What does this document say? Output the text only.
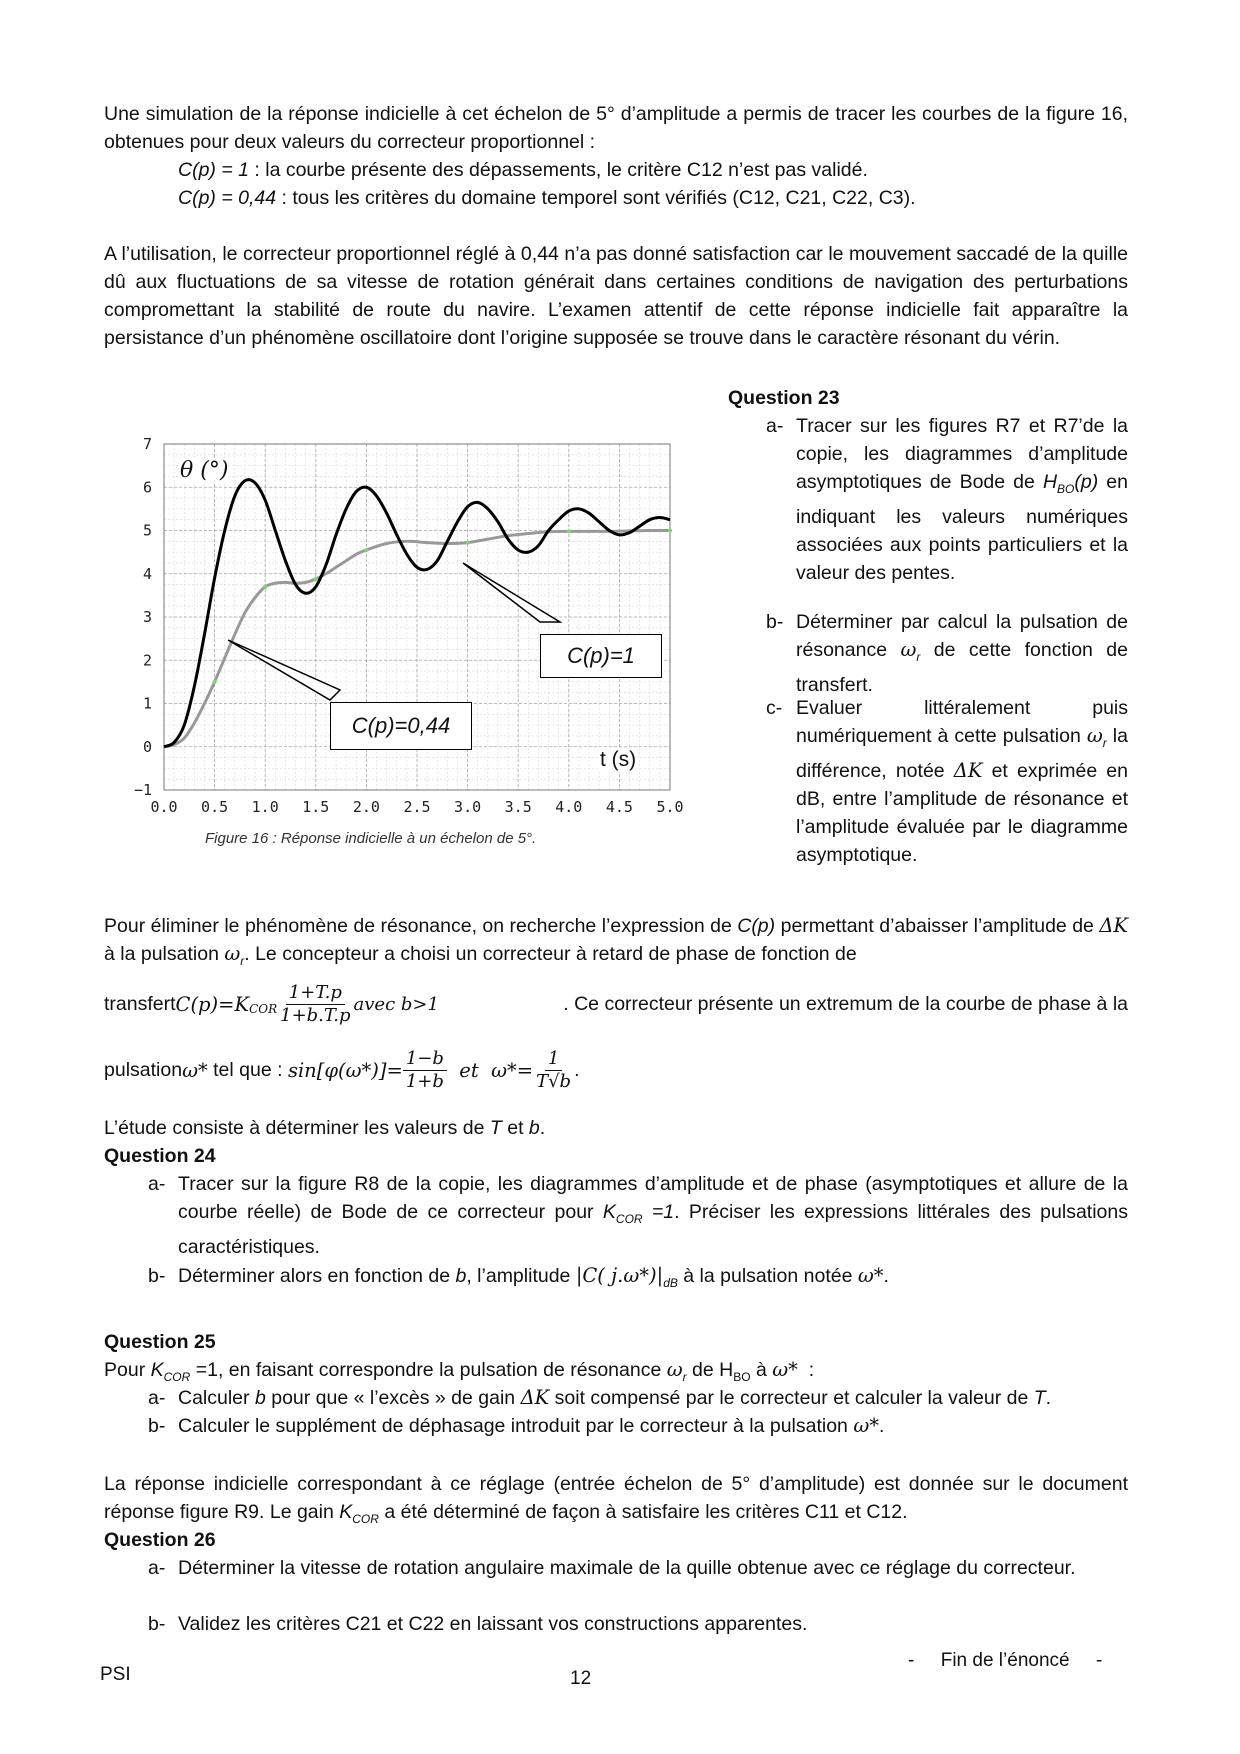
Une simulation de la réponse indicielle à cet échelon de 5° d’amplitude a permis de tracer les courbes de la figure 16, obtenues pour deux valeurs du correcteur proportionnel :
C(p) = 1 : la courbe présente des dépassements, le critère C12 n’est pas validé.
C(p) = 0,44 : tous les critères du domaine temporel sont vérifiés (C12, C21, C22, C3).
A l’utilisation, le correcteur proportionnel réglé à 0,44 n’a pas donné satisfaction car le mouvement saccadé de la quille dû aux fluctuations de sa vitesse de rotation générait dans certaines conditions de navigation des perturbations compromettant la stabilité de route du navire. L’examen attentif de cette réponse indicielle fait apparaître la persistance d’un phénomène oscillatoire dont l’origine supposée se trouve dans le caractère résonant du vérin.
0.0 0.5 1.0 1.5 2.0 2.5 3.0 3.5 4.0 4.5 5.0
−1
0
1
2
3
4
5
6
7
θ (°)
t (s)
C(p)=1
C(p)=0,44
Figure 16 : Réponse indicielle à un échelon de 5°.
Question 23
a- Tracer sur les figures R7 et R7’de la copie, les diagrammes d’amplitude asymptotiques de Bode de $H_{BO}(p)$ en indiquant les valeurs numériques associées aux points particuliers et la valeur des pentes.
b- Déterminer par calcul la pulsation de résonance $\omega_r$ de cette fonction de transfert.
c- Evaluer littéralement puis numériquement à cette pulsation $\omega_r$ la différence, notée ΔK et exprimée en dB, entre l’amplitude de résonance et l’amplitude évaluée par le diagramme asymptotique.
Pour éliminer le phénomène de résonance, on recherche l’expression de C(p) permettant d’abaisser l’amplitude de ΔK à la pulsation $\omega_r$. Le concepteur a choisi un correcteur à retard de phase de fonction de
transfert $C(p)=K_{COR} \frac{1+T.p}{1+b.T.p}$ avec b>1	. Ce correcteur présente un extremum de la courbe de phase à la
pulsation ω* tel que : $\sin[\varphi(\omega*)]= \frac{1-b}{1+b}$ et $\omega*= \frac{1}{T√b}$ .
L’étude consiste à déterminer les valeurs de T et b.
Question 24
a- Tracer sur la figure R8 de la copie, les diagrammes d’amplitude et de phase (asymptotiques et allure de la courbe réelle) de Bode de ce correcteur pour $K_{COR} =1$. Préciser les expressions littérales des pulsations caractéristiques.
b- Déterminer alors en fonction de b, l’amplitude |C( $j.\omega*)|_{dB}$ à la pulsation notée ω*.
Question 25
Pour $K_{COR} =1$, en faisant correspondre la pulsation de résonance $\omega_r$ de $H_{BO}$ à ω*  :
a- Calculer b pour que « l’excès » de gain ΔK soit compensé par le correcteur et calculer la valeur de T.
b- Calculer le supplément de déphasage introduit par le correcteur à la pulsation ω*.
La réponse indicielle correspondant à ce réglage (entrée échelon de 5° d’amplitude) est donnée sur le document réponse figure R9. Le gain $K_{COR}$ a été déterminé de façon à satisfaire les critères C11 et C12.
Question 26
a- Déterminer la vitesse de rotation angulaire maximale de la quille obtenue avec ce réglage du correcteur.
b- Validez les critères C21 et C22 en laissant vos constructions apparentes.
PSI	12
-     Fin de l’énoncé     -
